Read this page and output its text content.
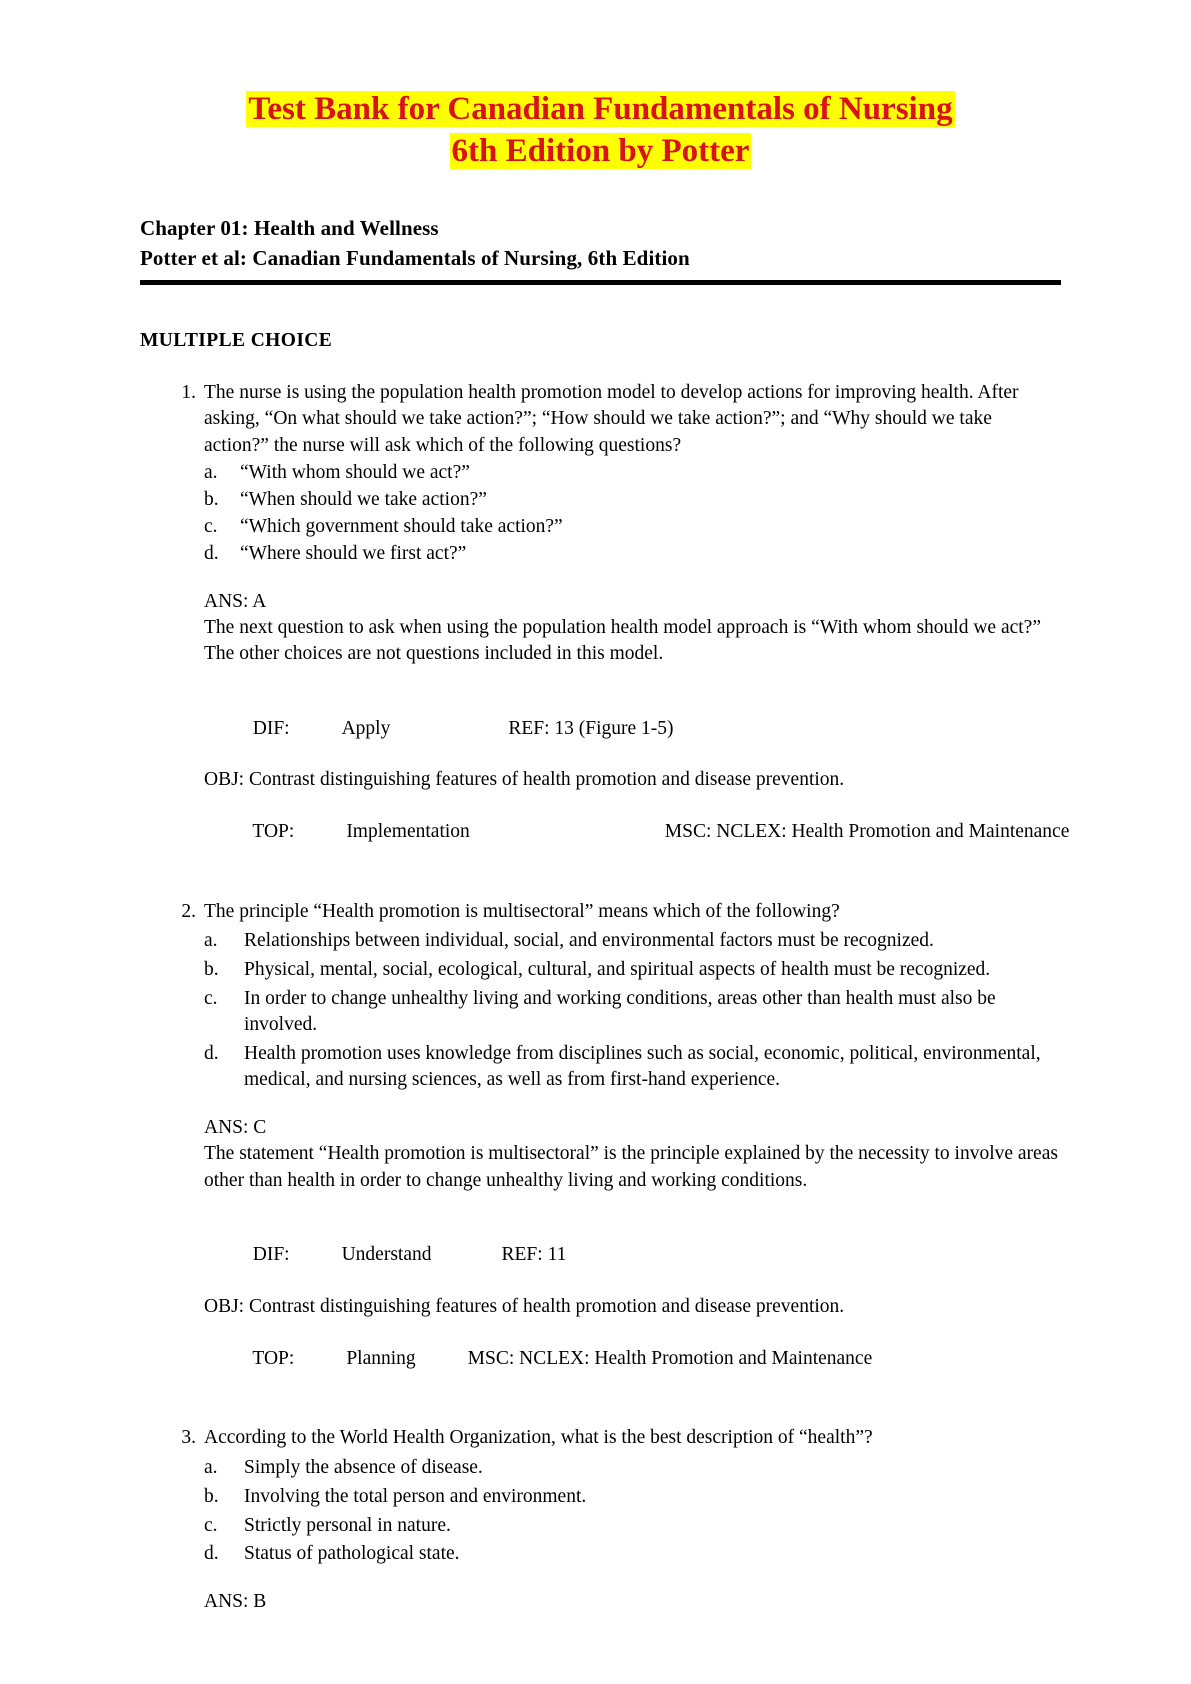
Test Bank for Canadian Fundamentals of Nursing
6th Edition by Potter
Chapter 01: Health and Wellness
Potter et al: Canadian Fundamentals of Nursing, 6th Edition
MULTIPLE CHOICE
1. The nurse is using the population health promotion model to develop actions for improving health. After asking, “On what should we take action?”; “How should we take action?”; and “Why should we take action?” the nurse will ask which of the following questions?

a. “With whom should we act?”
b. “When should we take action?”
c. “Which government should take action?”
d. “Where should we first act?”

ANS: A

The next question to ask when using the population health model approach is “With whom should we act?” The other choices are not questions included in this model.

DIF:	Apply	REF: 13 (Figure 1-5)

OBJ: Contrast distinguishing features of health promotion and disease prevention.

TOP:	Implementation	MSC: NCLEX: Health Promotion and Maintenance

2. The principle “Health promotion is multisectoral” means which of the following?

a. Relationships between individual, social, and environmental factors must be recognized.
b. Physical, mental, social, ecological, cultural, and spiritual aspects of health must be recognized.
c. In order to change unhealthy living and working conditions, areas other than health must also be involved.
d. Health promotion uses knowledge from disciplines such as social, economic, political, environmental, medical, and nursing sciences, as well as from first-hand experience.

ANS: C

The statement “Health promotion is multisectoral” is the principle explained by the necessity to involve areas other than health in order to change unhealthy living and working conditions.

DIF:	Understand	REF: 11

OBJ: Contrast distinguishing features of health promotion and disease prevention.

TOP:	Planning	MSC: NCLEX: Health Promotion and Maintenance

3. According to the World Health Organization, what is the best description of “health”?

a. Simply the absence of disease.
b. Involving the total person and environment.
c. Strictly personal in nature.
d. Status of pathological state.

ANS: B
